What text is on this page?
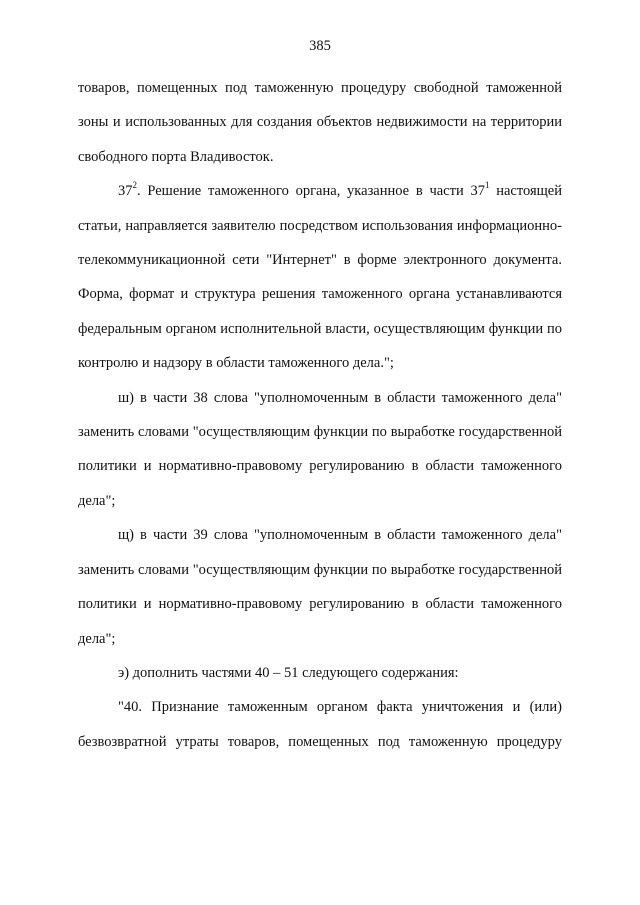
385

товаров, помещенных под таможенную процедуру свободной таможенной зоны и использованных для создания объектов недвижимости на территории свободного порта Владивосток.

$37^2$. Решение таможенного органа, указанное в части $37^1$ настоящей статьи, направляется заявителю посредством использования информационно-телекоммуникационной сети "Интернет" в форме электронного документа. Форма, формат и структура решения таможенного органа устанавливаются федеральным органом исполнительной власти, осуществляющим функции по контролю и надзору в области таможенного дела.";

ш) в части 38 слова "уполномоченным в области таможенного дела" заменить словами "осуществляющим функции по выработке государственной политики и нормативно-правовому регулированию в области таможенного дела";

щ) в части 39 слова "уполномоченным в области таможенного дела" заменить словами "осуществляющим функции по выработке государственной политики и нормативно-правовому регулированию в области таможенного дела";

э) дополнить частями 40 – 51 следующего содержания:

"40. Признание таможенным органом факта уничтожения и (или) безвозвратной утраты товаров, помещенных под таможенную процедуру
